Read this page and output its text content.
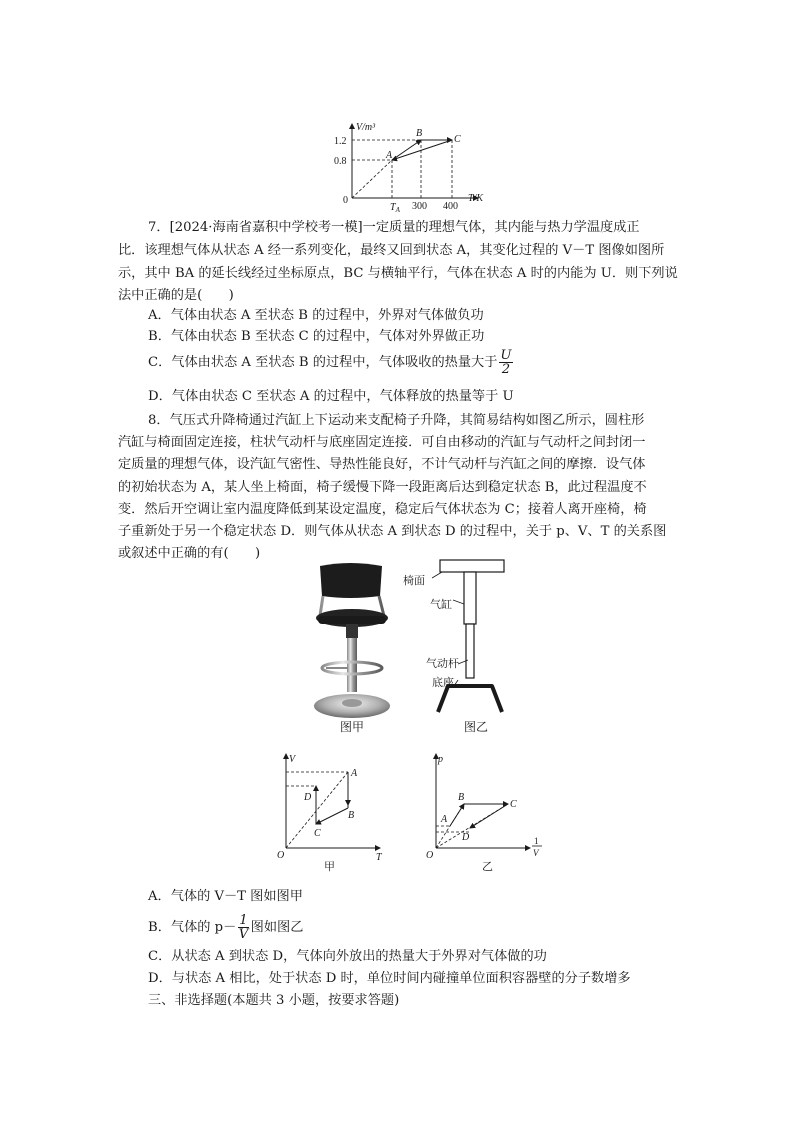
V/m³
T/K
0
1.2
0.8
A
B
C
$T_A$ 300 400
7．[2024·海南省嘉积中学校考一模]一定质量的理想气体，其内能与热力学温度成正
比．该理想气体从状态 A 经一系列变化，最终又回到状态 A，其变化过程的 V－T 图像如图所
示，其中 BA 的延长线经过坐标原点，BC 与横轴平行，气体在状态 A 时的内能为 U．则下列说
法中正确的是(　　)
A．气体由状态 A 至状态 B 的过程中，外界对气体做负功
B．气体由状态 B 至状态 C 的过程中，气体对外界做正功
C．气体由状态 A 至状态 B 的过程中，气体吸收的热量大于 $\frac{U}{2}$
D．气体由状态 C 至状态 A 的过程中，气体释放的热量等于 U
8．气压式升降椅通过汽缸上下运动来支配椅子升降，其简易结构如图乙所示，圆柱形
汽缸与椅面固定连接，柱状气动杆与底座固定连接．可自由移动的汽缸与气动杆之间封闭一
定质量的理想气体，设汽缸气密性、导热性能良好，不计气动杆与汽缸之间的摩擦．设气体
的初始状态为 A，某人坐上椅面，椅子缓慢下降一段距离后达到稳定状态 B，此过程温度不
变．然后开空调让室内温度降低到某设定温度，稳定后气体状态为 C；接着人离开座椅，椅
子重新处于另一个稳定状态 D．则气体从状态 A 到状态 D 的过程中，关于 p、V、T 的关系图
或叙述中正确的有(　　)
图甲
椅面
气缸
气动杆
底座
图乙
V
T
O
A
B
C
D
甲
p
1
V
O
A
B
C
D
乙
A．气体的 V－T 图如图甲
B．气体的 $p- \frac{1}{V}$ 图如图乙
C．从状态 A 到状态 D，气体向外放出的热量大于外界对气体做的功
D．与状态 A 相比，处于状态 D 时，单位时间内碰撞单位面积容器壁的分子数增多
三、非选择题(本题共 3 小题，按要求答题)
